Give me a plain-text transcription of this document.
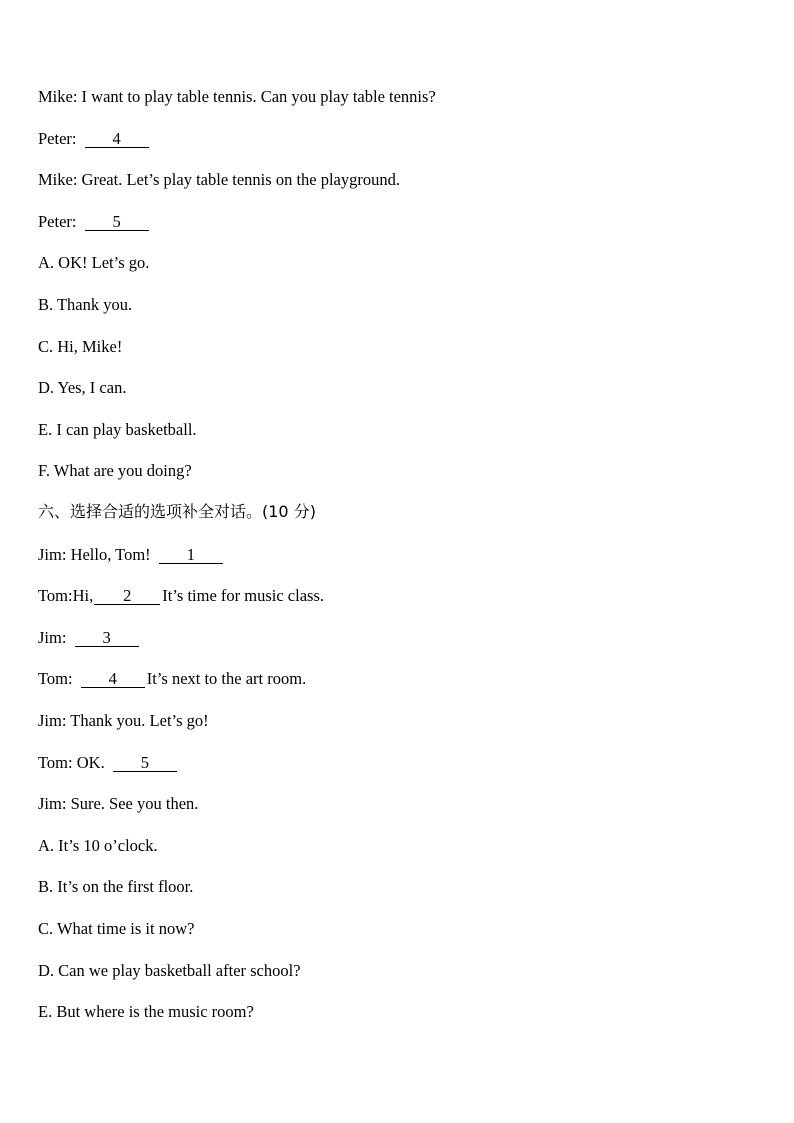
Mike: I want to play table tennis. Can you play table tennis?
Peter: 4
Mike: Great. Let’s play table tennis on the playground.
Peter: 5
A. OK! Let’s go.
B. Thank you.
C. Hi, Mike!
D. Yes, I can.
E. I can play basketball.
F. What are you doing?
六、选择合适的选项补全对话。(10 分)
Jim: Hello, Tom! 1
Tom:Hi, 2 It’s time for music class.
Jim: 3
Tom: 4 It’s next to the art room.
Jim: Thank you. Let’s go!
Tom: OK. 5
Jim: Sure. See you then.
A. It’s 10 o’clock.
B. It’s on the first floor.
C. What time is it now?
D. Can we play basketball after school?
E. But where is the music room?
